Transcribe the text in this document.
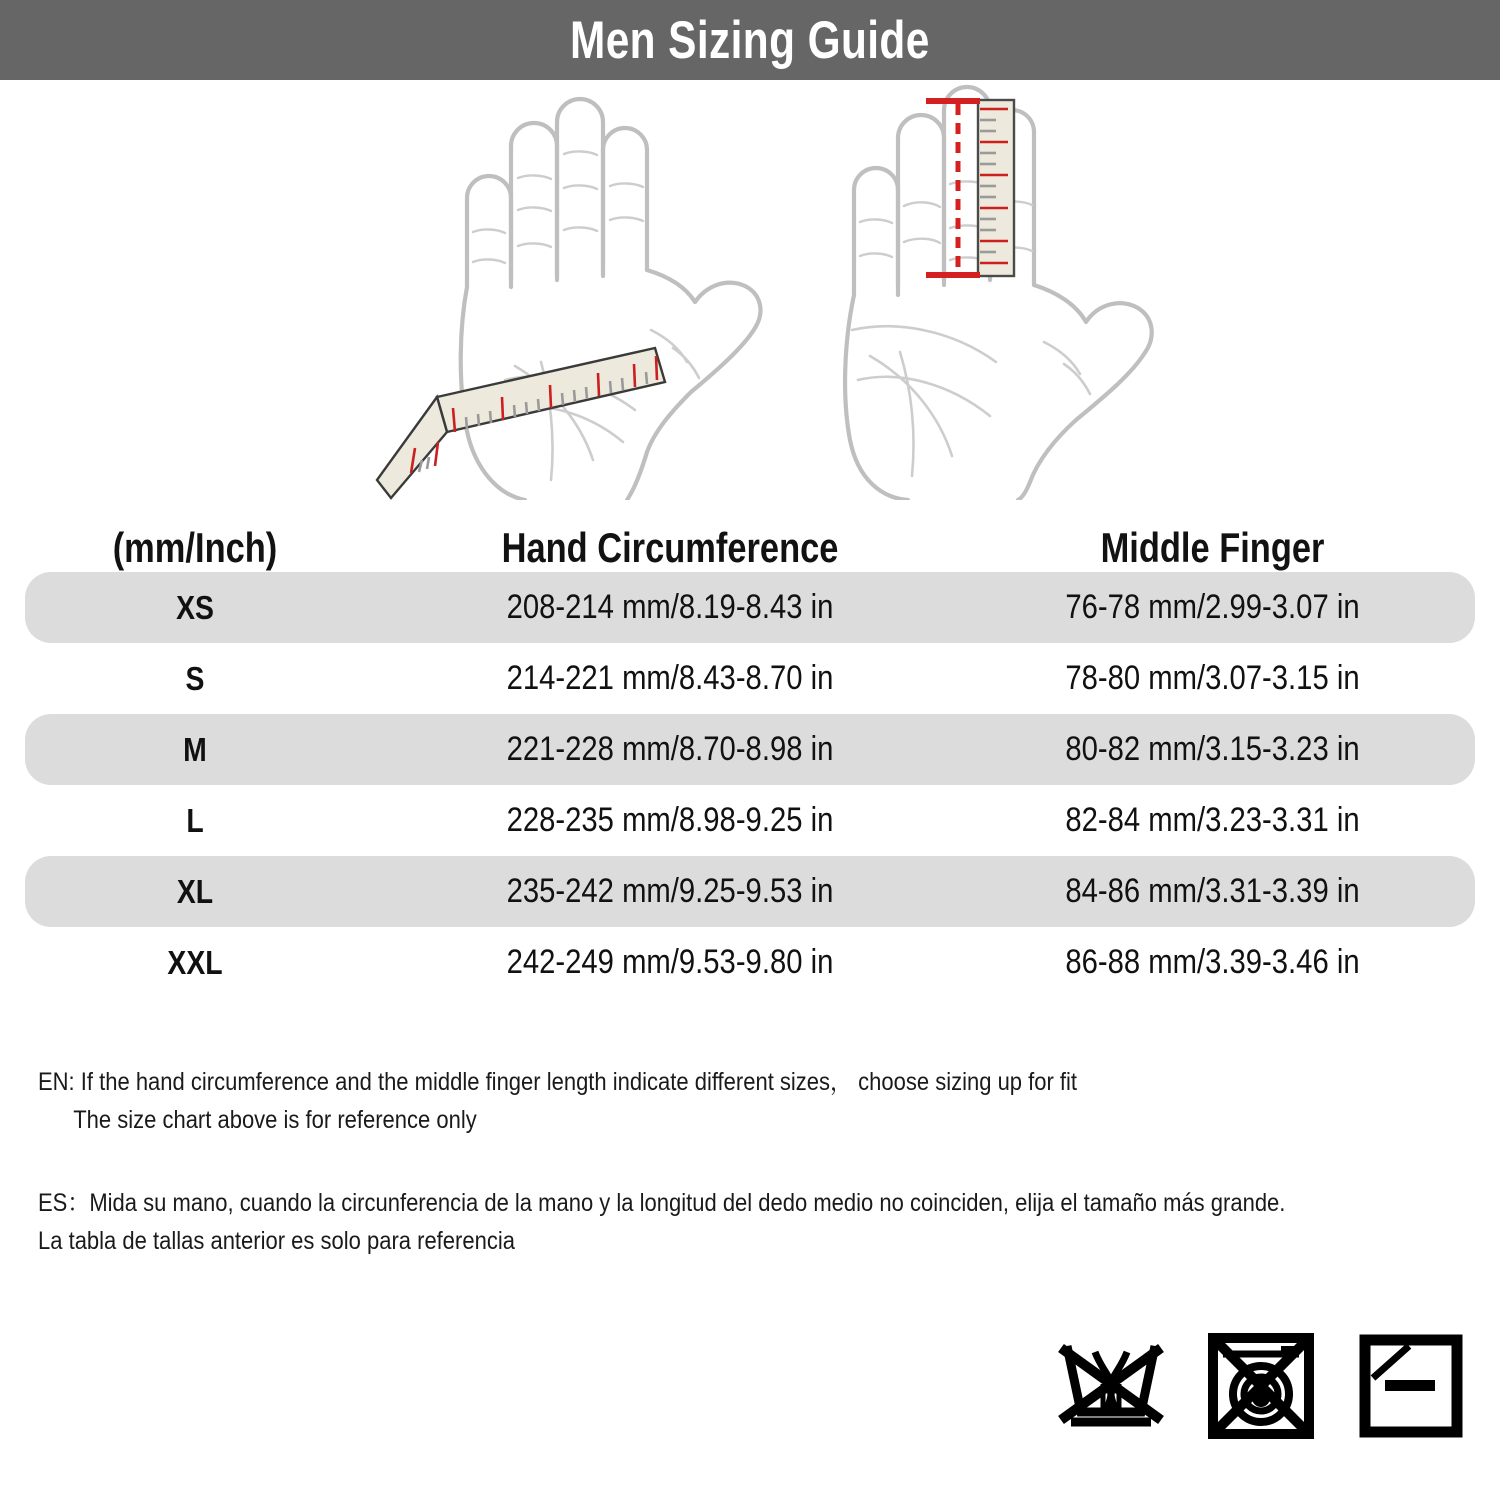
Men Sizing Guide
(mm/Inch)	Hand Circumference	Middle Finger
XS	208-214 mm/8.19-8.43 in	76-78 mm/2.99-3.07 in
S	214-221 mm/8.43-8.70 in	78-80 mm/3.07-3.15 in
M	221-228 mm/8.70-8.98 in	80-82 mm/3.15-3.23 in
L	228-235 mm/8.98-9.25 in	82-84 mm/3.23-3.31 in
XL	235-242 mm/9.25-9.53 in	84-86 mm/3.31-3.39 in
XXL	242-249 mm/9.53-9.80 in	86-88 mm/3.39-3.46 in
EN: If the hand circumference and the middle finger length indicate different sizes， choose sizing up for fit
The size chart above is for reference only
ES：Mida su mano, cuando la circunferencia de la mano y la longitud del dedo medio no coinciden, elija el tamaño más grande.
La tabla de tallas anterior es solo para referencia
